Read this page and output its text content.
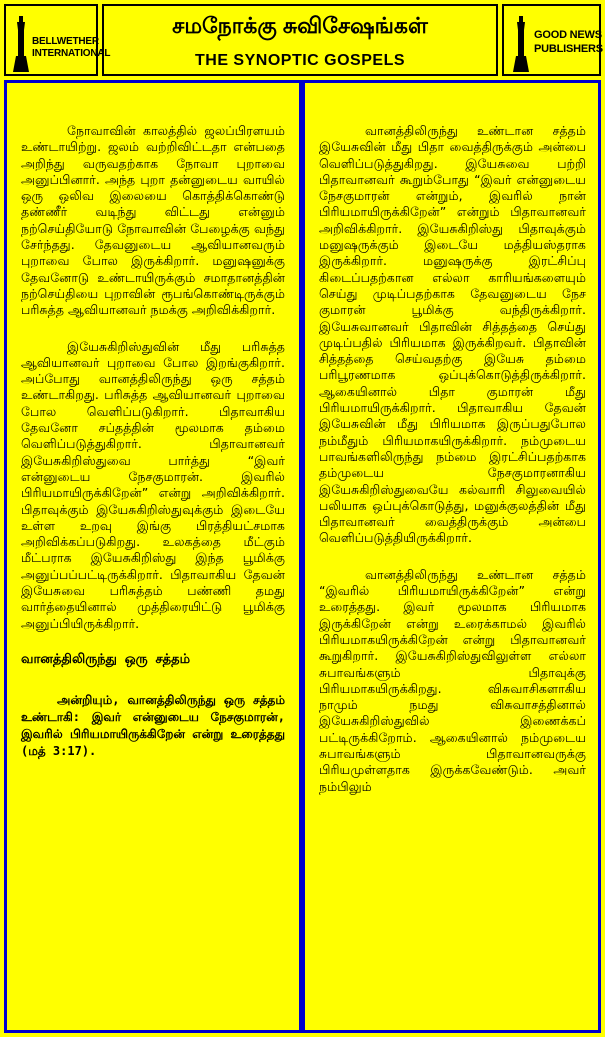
BELLWETHER
INTERNATIONAL
சமநோக்கு சுவிசேஷங்கள்
THE SYNOPTIC GOSPELS
GOOD NEWS
PUBLISHERS

நோவாவின் காலத்தில் ஜலப்பிரளயம் உண்டாயிற்று. ஜலம் வற்றிவிட்டதா என்பதை அறிந்து வருவதற்காக நோவா புறாவை அனுப்பினார். அந்த புறா தன்னுடைய வாயில் ஒரு ஒலிவ இலையை கொத்திக்கொண்டு தண்ணீர் வடிந்து விட்டது என்னும் நற்செய்தியோடு நோவாவின் பேழைக்கு வந்து சேர்ந்தது. தேவனுடைய ஆவியானவரும் புறாவை போல இருக்கிறார். மனுஷனுக்கு தேவனோடு உண்டாயிருக்கும் சமாதானத்தின் நற்செய்தியை புறாவின் ரூபங்கொண்டிருக்கும் பரிசுத்த ஆவியானவர் நமக்கு அறிவிக்கிறார்.

இயேசுகிறிஸ்துவின் மீது பரிசுத்த ஆவியானவர் புறாவை போல இறங்குகிறார். அப்போது வானத்திலிருந்து ஒரு சத்தம் உண்டாகிறது. பரிசுத்த ஆவியானவர் புறாவை போல வெளிப்படுகிறார். பிதாவாகிய தேவனோ சப்தத்தின் மூலமாக தம்மை வெளிப்படுத்துகிறார். பிதாவானவர் இயேசுகிறிஸ்துவை பார்த்து “இவர் என்னுடைய நேசகுமாரன். இவரில் பிரியமாயிருக்கிறேன்” என்று அறிவிக்கிறார். பிதாவுக்கும் இயேசுகிறிஸ்துவுக்கும் இடையே உள்ள உறவு இங்கு பிரத்தியட்சமாக அறிவிக்கப்படுகிறது. உலகத்தை மீட்கும் மீட்பராக இயேசுகிறிஸ்து இந்த பூமிக்கு அனுப்பப்பட்டிருக்கிறார். பிதாவாகிய தேவன் இயேசுவை பரிசுத்தம் பண்ணி தமது வார்த்தையினால் முத்திரையிட்டு பூமிக்கு அனுப்பியிருக்கிறார்.

வானத்திலிருந்து ஒரு சத்தம்

அன்றியும், வானத்திலிருந்து ஒரு சத்தம் உண்டாகி: இவர் என்னுடைய நேசகுமாரன், இவரில் பிரியமாயிருக்கிறேன் என்று உரைத்தது (மத் 3:17).

வானத்திலிருந்து உண்டான சத்தம் இயேசுவின் மீது பிதா வைத்திருக்கும் அன்பை வெளிப்படுத்துகிறது. இயேசுவை பற்றி பிதாவானவர் கூறும்போது “இவர் என்னுடைய நேசகுமாரன் என்றும், இவரில் நான் பிரியமாயிருக்கிறேன்” என்றும் பிதாவானவர் அறிவிக்கிறார். இயேசுகிறிஸ்து பிதாவுக்கும் மனுஷருக்கும் இடையே மத்தியஸ்தராக இருக்கிறார். மனுஷருக்கு இரட்சிப்பு கிடைப்பதற்கான எல்லா காரியங்களையும் செய்து முடிப்பதற்காக தேவனுடைய நேச குமாரன் பூமிக்கு வந்திருக்கிறார். இயேசுவானவர் பிதாவின் சித்தத்தை செய்து முடிப்பதில் பிரியமாக இருக்கிறவர். பிதாவின் சித்தத்தை செய்வதற்கு இயேசு தம்மை பரிபூரணமாக ஒப்புக்கொடுத்திருக்கிறார். ஆகையினால் பிதா குமாரன் மீது பிரியமாயிருக்கிறார். பிதாவாகிய தேவன் இயேசுவின் மீது பிரியமாக இருப்பதுபோல நம்மீதும் பிரியமாகயிருக்கிறார். நம்முடைய பாவங்களிலிருந்து நம்மை இரட்சிப்பதற்காக தம்முடைய நேசகுமாரனாகிய இயேசுகிறிஸ்துவையே கல்வாரி சிலுவையில் பலியாக ஒப்புக்கொடுத்து, மனுக்குலத்தின் மீது பிதாவானவர் வைத்திருக்கும் அன்பை வெளிப்படுத்தியிருக்கிறார்.

வானத்திலிருந்து உண்டான சத்தம் “இவரில் பிரியமாயிருக்கிறேன்” என்று உரைத்தது. இவர் மூலமாக பிரியமாக இருக்கிறேன் என்று உரைக்காமல் இவரில் பிரியமாகயிருக்கிறேன் என்று பிதாவானவர் கூறுகிறார். இயேசுகிறிஸ்துவிலுள்ள எல்லா சுபாவங்களும் பிதாவுக்கு பிரியமாகயிருக்கிறது. விசுவாசிகளாகிய நாமும் நமது விசுவாசத்தினால் இயேசுகிறிஸ்துவில் இணைக்கப் பட்டிருக்கிறோம். ஆகையினால் நம்முடைய சுபாவங்களும் பிதாவானவருக்கு பிரியமுள்ளதாக இருக்கவேண்டும். அவர் நம்பிலும்
